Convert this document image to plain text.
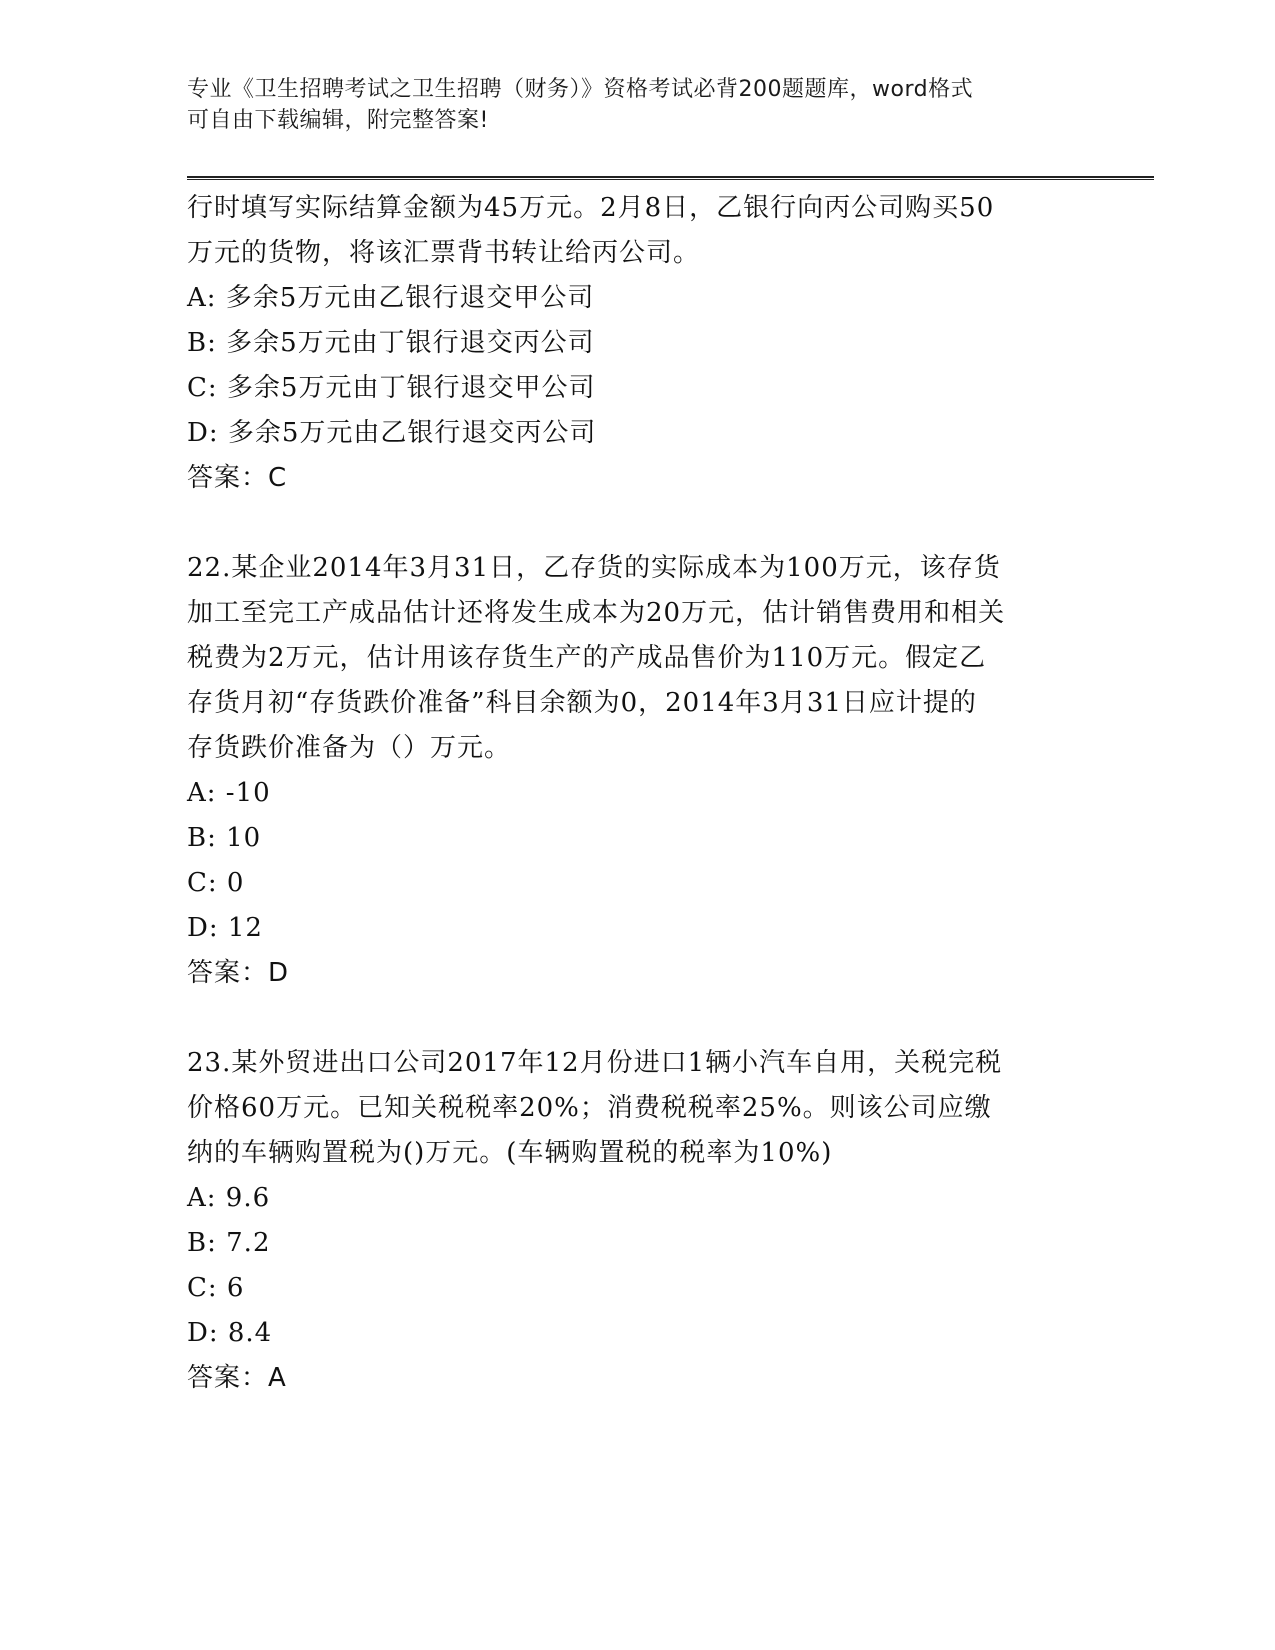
专业《卫生招聘考试之卫生招聘（财务）》资格考试必背200题题库，word格式
可自由下载编辑，附完整答案!
行时填写实际结算金额为45万元。2月8日，乙银行向丙公司购买50
万元的货物，将该汇票背书转让给丙公司。
A: 多余5万元由乙银行退交甲公司
B: 多余5万元由丁银行退交丙公司
C: 多余5万元由丁银行退交甲公司
D: 多余5万元由乙银行退交丙公司
答案：C
22.某企业2014年3月31日，乙存货的实际成本为100万元，该存货
加工至完工产成品估计还将发生成本为20万元，估计销售费用和相关
税费为2万元，估计用该存货生产的产成品售价为110万元。假定乙
存货月初“存货跌价准备”科目余额为0，2014年3月31日应计提的
存货跌价准备为（）万元。
A: -10
B: 10
C: 0
D: 12
答案：D
23.某外贸进出口公司2017年12月份进口1辆小汽车自用，关税完税
价格60万元。已知关税税率20%；消费税税率25%。则该公司应缴
纳的车辆购置税为()万元。(车辆购置税的税率为10%)
A: 9.6
B: 7.2
C: 6
D: 8.4
答案：A
